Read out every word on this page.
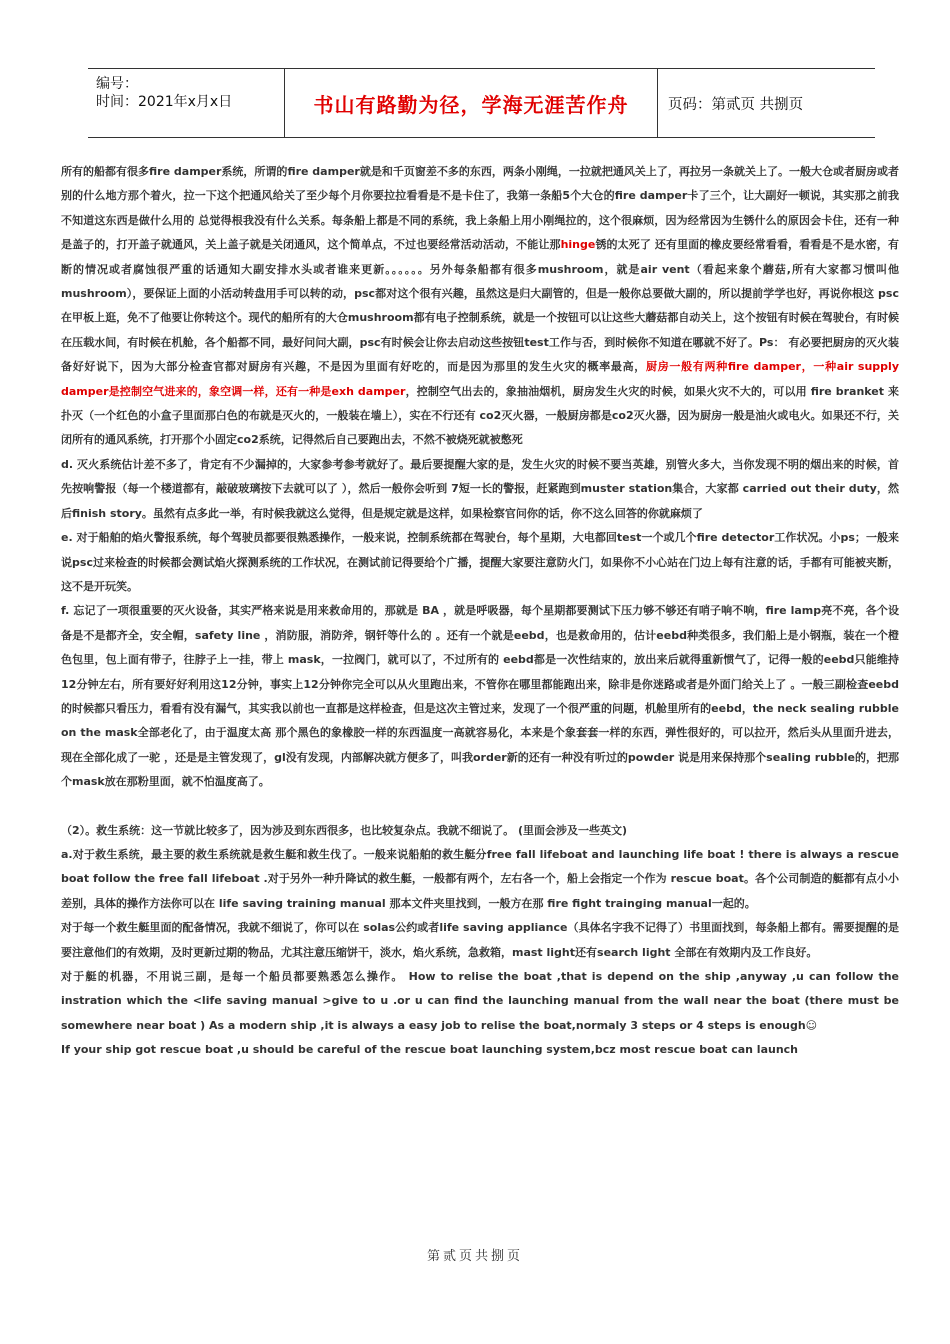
编号：
时间：2021年x月x日	书山有路勤为径，学海无涯苦作舟	页码：第贰页 共捌页

所有的船都有很多fire damper系统，所谓的fire damper就是和千页窗差不多的东西，两条小刚绳，一拉就把通风关上了，再拉另一条就关上了。一般大仓或者厨房或者别的什么地方那个着火，拉一下这个把通风给关了至少每个月你要拉拉看看是不是卡住了，我第一条船5个大仓的fire damper卡了三个，让大副好一顿说，其实那之前我不知道这东西是做什么用的 总觉得根我没有什么关系。每条船上都是不同的系统，我上条船上用小刚绳拉的，这个很麻烦，因为经常因为生锈什么的原因会卡住，还有一种是盖子的，打开盖子就通风，关上盖子就是关闭通风，这个简单点，不过也要经常活动活动，不能让那hinge锈的太死了 还有里面的橡皮要经常看看，看看是不是水密，有断的情况或者腐蚀很严重的话通知大副安排水头或者谁来更新。。。。。。另外每条船都有很多mushroom，就是air vent（看起来象个蘑菇,所有大家都习惯叫他mushroom），要保证上面的小活动转盘用手可以转的动，psc都对这个很有兴趣，虽然这是归大副管的，但是一般你总要做大副的，所以提前学学也好，再说你根这 psc在甲板上逛，免不了他要让你转这个。现代的船所有的大仓mushroom都有电子控制系统，就是一个按钮可以让这些大蘑菇都自动关上，这个按钮有时候在驾驶台，有时候在压载水间，有时候在机舱，各个船都不同，最好问问大副，psc有时候会让你去启动这些按钮test工作与否，到时候你不知道在哪就不好了。Ps： 有必要把厨房的灭火装备好好说下，因为大部分检查官都对厨房有兴趣，不是因为里面有好吃的，而是因为那里的发生火灾的概率最高，厨房一般有两种fire damper，一种air supply damper是控制空气进来的，象空调一样，还有一种是exh damper，控制空气出去的，象抽油烟机，厨房发生火灾的时候，如果火灾不大的，可以用 fire branket 来扑灭（一个红色的小盒子里面那白色的布就是灭火的，一般装在墙上），实在不行还有 co2灭火器，一般厨房都是co2灭火器，因为厨房一般是油火或电火。如果还不行，关闭所有的通风系统，打开那个小固定co2系统，记得然后自己要跑出去，不然不被烧死就被憋死

d. 灭火系统估计差不多了，肯定有不少漏掉的，大家参考参考就好了。最后要提醒大家的是，发生火灾的时候不要当英雄，别管火多大，当你发现不明的烟出来的时候，首先按响警报（每一个楼道都有，敲破玻璃按下去就可以了 ），然后一般你会听到 7短一长的警报，赶紧跑到muster station集合，大家都 carried out their duty，然后finish story。虽然有点多此一举，有时候我就这么觉得，但是规定就是这样，如果检察官问你的话，你不这么回答的你就麻烦了

e. 对于船舶的焰火警报系统，每个驾驶员都要很熟悉操作，一般来说，控制系统都在驾驶台，每个星期，大电都回test一个或几个fire detector工作状况。小ps；一般来说psc过来检查的时候都会测试焰火探测系统的工作状况，在测试前记得要给个广播，提醒大家要注意防火门，如果你不小心站在门边上每有注意的话，手都有可能被夹断，这不是开玩笑。

f. 忘记了一项很重要的灭火设备，其实严格来说是用来救命用的，那就是 BA ，就是呼吸器，每个星期都要测试下压力够不够还有哨子响不响，fire lamp亮不亮，各个设备是不是都齐全，安全帽，safety line ，消防服，消防斧，钢钎等什么的 。还有一个就是eebd，也是救命用的，估计eebd种类很多，我们船上是小钢瓶，装在一个橙色包里，包上面有带子，往脖子上一挂，带上 mask，一拉阀门，就可以了，不过所有的 eebd都是一次性结束的，放出来后就得重新惯气了，记得一般的eebd只能维持12分钟左右，所有要好好利用这12分钟，事实上12分钟你完全可以从火里跑出来，不管你在哪里都能跑出来，除非是你迷路或者是外面门给关上了 。一般三副检查eebd的时候都只看压力，看看有没有漏气，其实我以前也一直都是这样检查，但是这次主管过来，发现了一个很严重的问题，机舱里所有的eebd，the neck sealing rubble on the mask全部老化了，由于温度太高 那个黑色的象橡胶一样的东西温度一高就容易化，本来是个象套套一样的东西，弹性很好的，可以拉开，然后头从里面升进去，现在全部化成了一驼 ，还是是主管发现了，gl没有发现，内部解决就方便多了，叫我order新的还有一种没有听过的powder 说是用来保持那个sealing rubble的，把那个mask放在那粉里面，就不怕温度高了。

（2）。救生系统：这一节就比较多了，因为涉及到东西很多，也比较复杂点。我就不细说了。 (里面会涉及一些英文)

a.对于救生系统，最主要的救生系统就是救生艇和救生伐了。一般来说船舶的救生艇分free fall lifeboat and launching life boat ! there is always a rescue boat follow the free fall lifeboat .对于另外一种升降试的救生艇，一般都有两个，左右各一个，船上会指定一个作为 rescue boat。各个公司制造的艇都有点小小差别，具体的操作方法你可以在 life saving training manual 那本文件夹里找到，一般方在那 fire fight trainging manual一起的。

对于每一个救生艇里面的配备情况，我就不细说了，你可以在 solas公约或者life saving appliance（具体名字我不记得了）书里面找到，每条船上都有。需要提醒的是要注意他们的有效期，及时更新过期的物品，尤其注意压缩饼干，淡水，焰火系统，急救箱，mast light还有search light 全部在有效期内及工作良好。

对于艇的机器，不用说三副，是每一个船员都要熟悉怎么操作。 How to relise the boat ,that is depend on the ship ,anyway ,u can follow the instration which the <life saving manual >give to u .or u can find the launching manual from the wall near the boat (there must be somewhere near boat ) As a modern ship ,it is always a easy job to relise the boat,normaly 3 steps or 4 steps is enough☺

If your ship got rescue boat ,u should be careful of the rescue boat launching system,bcz most rescue boat can launch

第贰页共捌页
